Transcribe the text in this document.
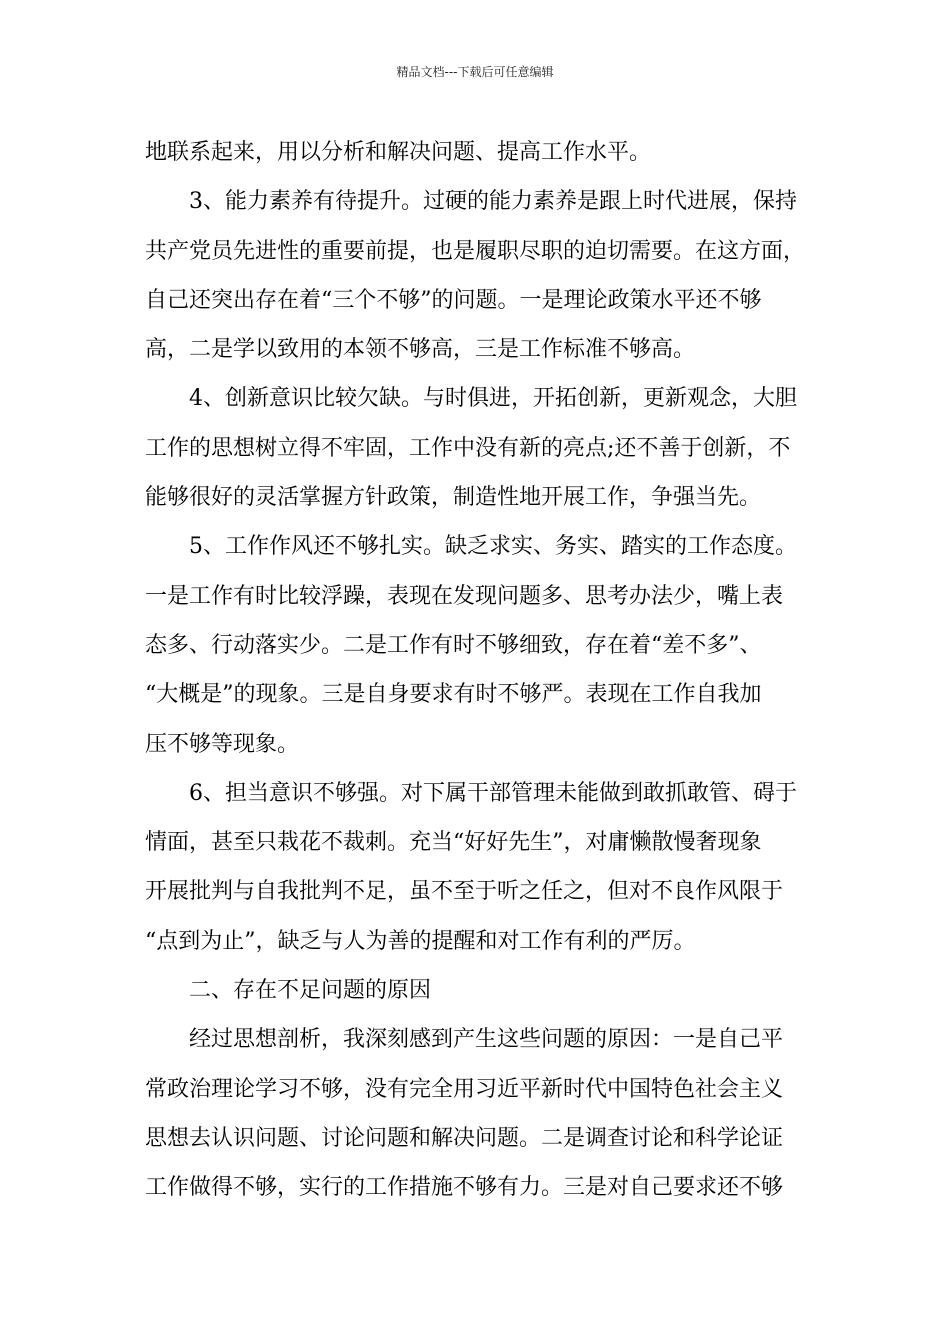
精品文档---下载后可任意编辑
地联系起来，用以分析和解决问题、提高工作水平。
3、能力素养有待提升。过硬的能力素养是跟上时代进展，保持
共产党员先进性的重要前提，也是履职尽职的迫切需要。在这方面，
自己还突出存在着“三个不够”的问题。一是理论政策水平还不够
高，二是学以致用的本领不够高，三是工作标准不够高。
4、创新意识比较欠缺。与时俱进，开拓创新，更新观念，大胆
工作的思想树立得不牢固，工作中没有新的亮点;还不善于创新，不
能够很好的灵活掌握方针政策，制造性地开展工作，争强当先。
5、工作作风还不够扎实。缺乏求实、务实、踏实的工作态度。
一是工作有时比较浮躁，表现在发现问题多、思考办法少，嘴上表
态多、行动落实少。二是工作有时不够细致，存在着“差不多”、
“大概是”的现象。三是自身要求有时不够严。表现在工作自我加
压不够等现象。
6、担当意识不够强。对下属干部管理未能做到敢抓敢管、碍于
情面，甚至只栽花不裁刺。充当“好好先生”，对庸懒散慢奢现象
开展批判与自我批判不足，虽不至于听之任之，但对不良作风限于
“点到为止”，缺乏与人为善的提醒和对工作有利的严厉。
二、存在不足问题的原因
经过思想剖析，我深刻感到产生这些问题的原因：一是自己平
常政治理论学习不够，没有完全用习近平新时代中国特色社会主义
思想去认识问题、讨论问题和解决问题。二是调查讨论和科学论证
工作做得不够，实行的工作措施不够有力。三是对自己要求还不够
